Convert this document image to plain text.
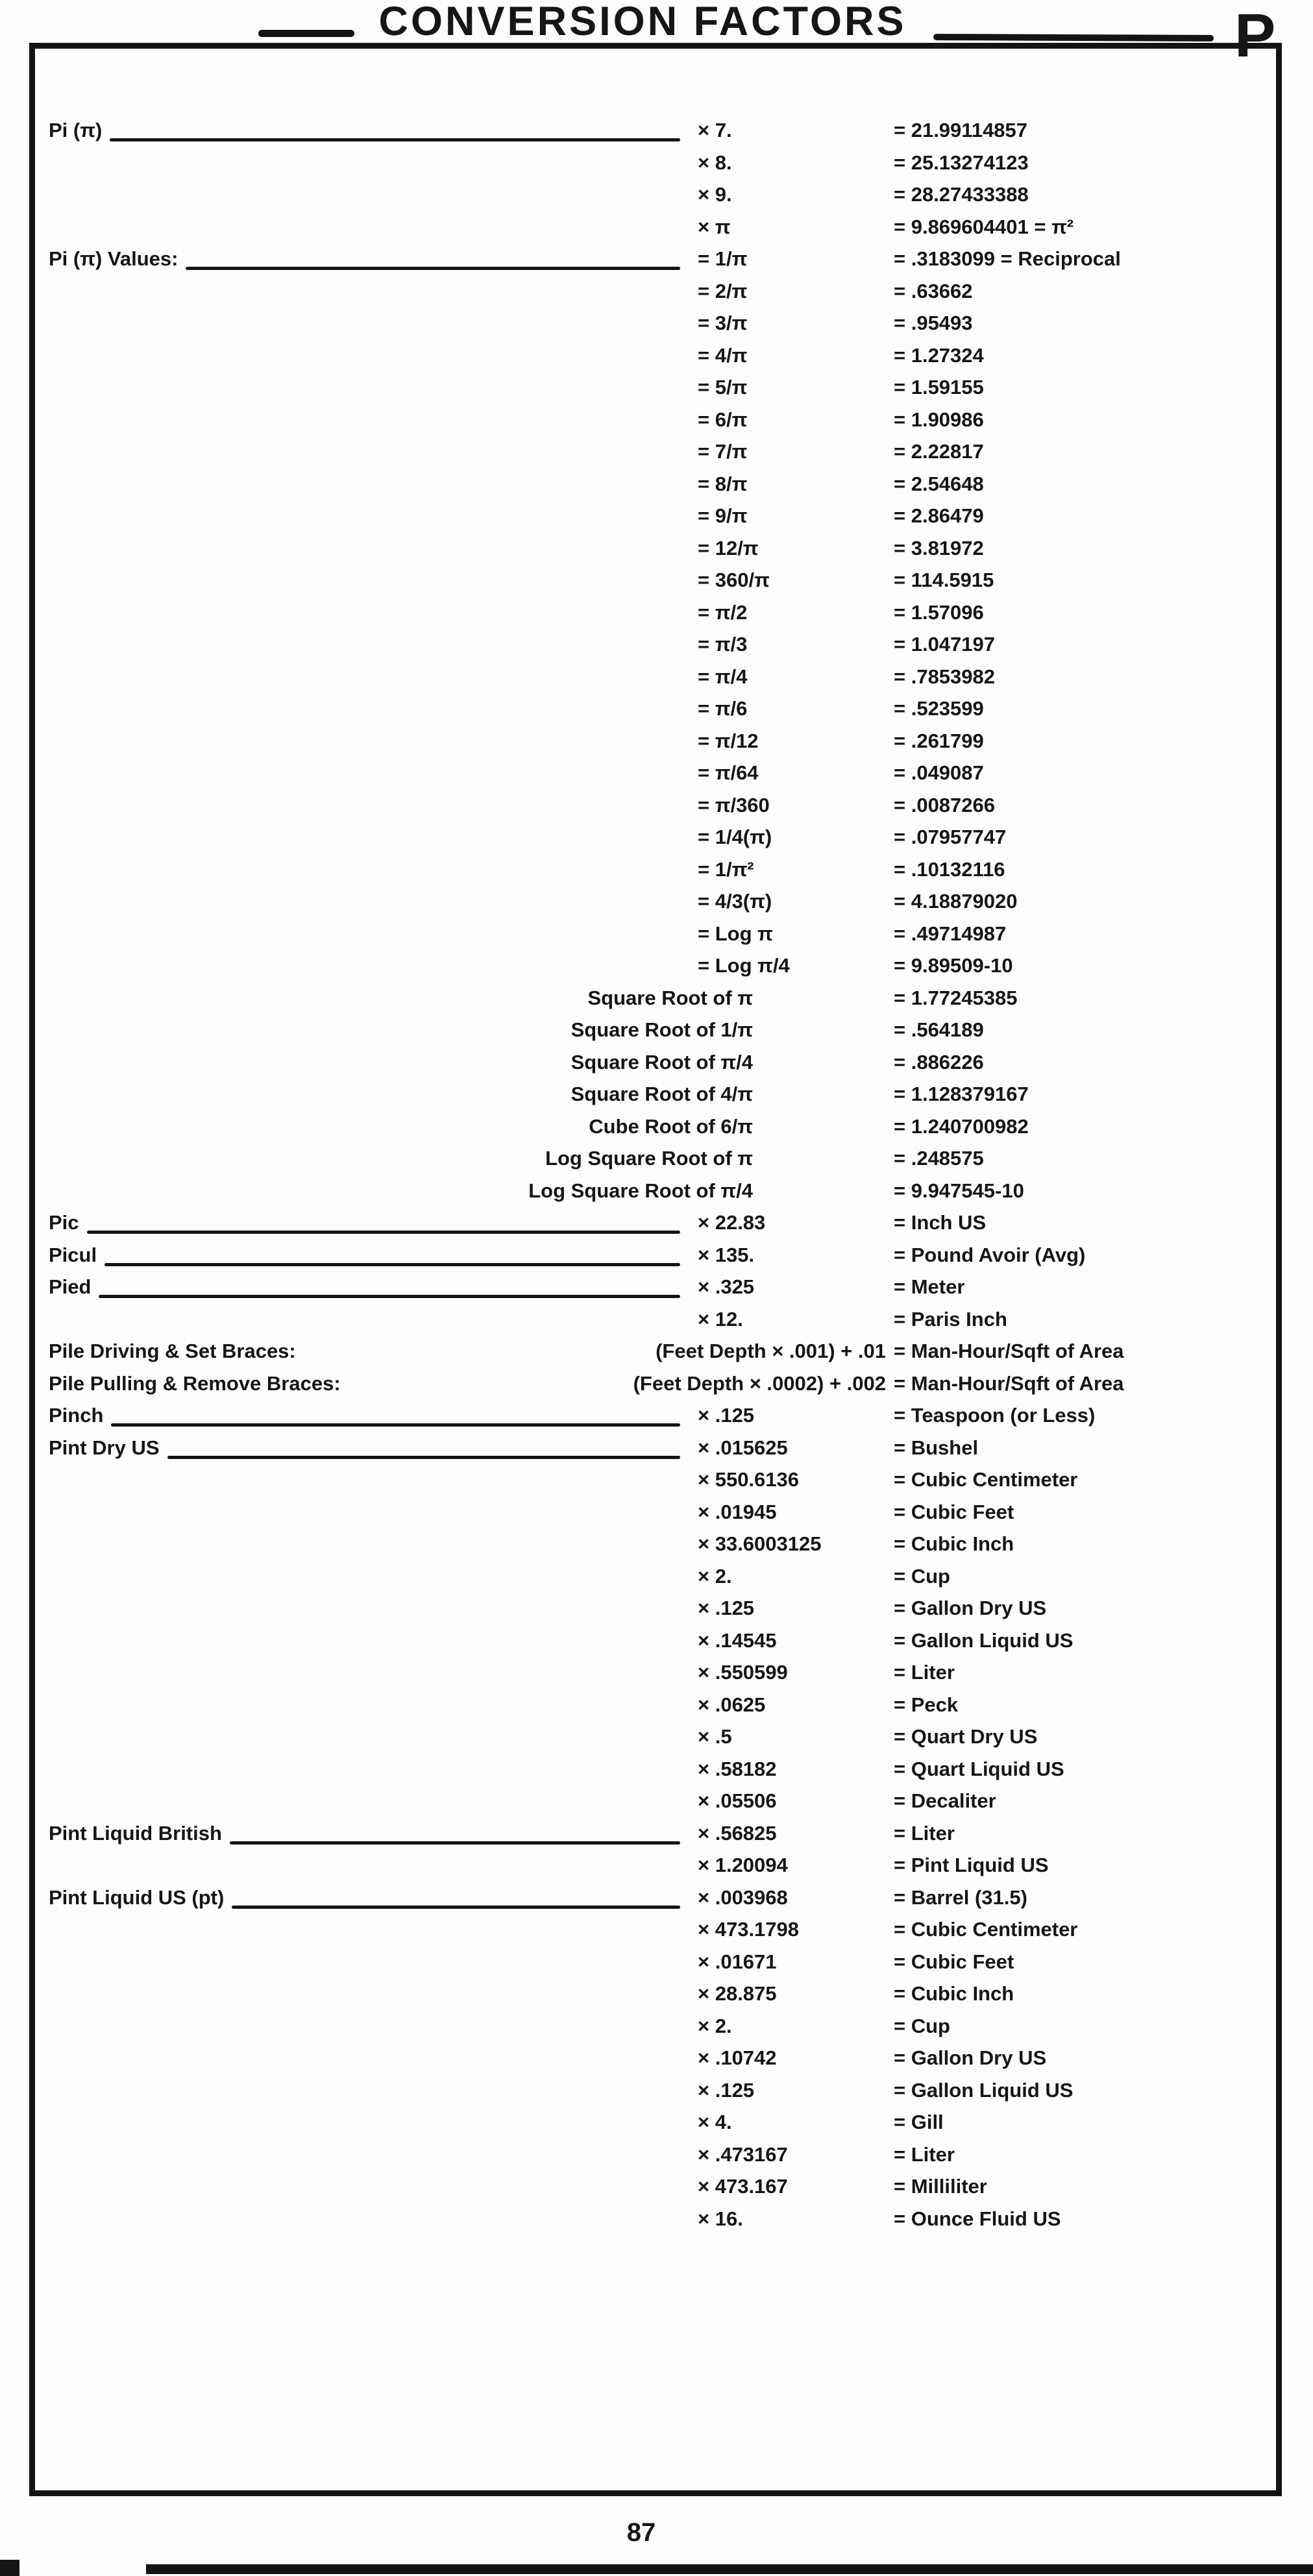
CONVERSION FACTORS	P
Pi (π)	× 7.	= 21.99114857
× 8.	= 25.13274123
× 9.	= 28.27433388
× π	= 9.869604401 = π²
Pi (π) Values:	= 1/π	= .3183099 = Reciprocal
= 2/π	= .63662
= 3/π	= .95493
= 4/π	= 1.27324
= 5/π	= 1.59155
= 6/π	= 1.90986
= 7/π	= 2.22817
= 8/π	= 2.54648
= 9/π	= 2.86479
= 12/π	= 3.81972
= 360/π	= 114.5915
= π/2	= 1.57096
= π/3	= 1.047197
= π/4	= .7853982
= π/6	= .523599
= π/12	= .261799
= π/64	= .049087
= π/360	= .0087266
= 1/4(π)	= .07957747
= 1/π²	= .10132116
= 4/3(π)	= 4.18879020
= Log π	= .49714987
= Log π/4	= 9.89509-10
Square Root of π	= 1.77245385
Square Root of 1/π	= .564189
Square Root of π/4	= .886226
Square Root of 4/π	= 1.128379167
Cube Root of 6/π	= 1.240700982
Log Square Root of π	= .248575
Log Square Root of π/4	= 9.947545-10
Pic	× 22.83	= Inch US
Picul	× 135.	= Pound Avoir (Avg)
Pied	× .325	= Meter
× 12.	= Paris Inch
Pile Driving & Set Braces:	(Feet Depth × .001) + .01 = Man-Hour/Sqft of Area
Pile Pulling & Remove Braces:	(Feet Depth × .0002) + .002 = Man-Hour/Sqft of Area
Pinch	× .125	= Teaspoon (or Less)
Pint Dry US	× .015625	= Bushel
× 550.6136	= Cubic Centimeter
× .01945	= Cubic Feet
× 33.6003125	= Cubic Inch
× 2.	= Cup
× .125	= Gallon Dry US
× .14545	= Gallon Liquid US
× .550599	= Liter
× .0625	= Peck
× .5	= Quart Dry US
× .58182	= Quart Liquid US
× .05506	= Decaliter
Pint Liquid British	× .56825	= Liter
× 1.20094	= Pint Liquid US
Pint Liquid US (pt)	× .003968	= Barrel (31.5)
× 473.1798	= Cubic Centimeter
× .01671	= Cubic Feet
× 28.875	= Cubic Inch
× 2.	= Cup
× .10742	= Gallon Dry US
× .125	= Gallon Liquid US
× 4.	= Gill
× .473167	= Liter
× 473.167	= Milliliter
× 16.	= Ounce Fluid US
87
